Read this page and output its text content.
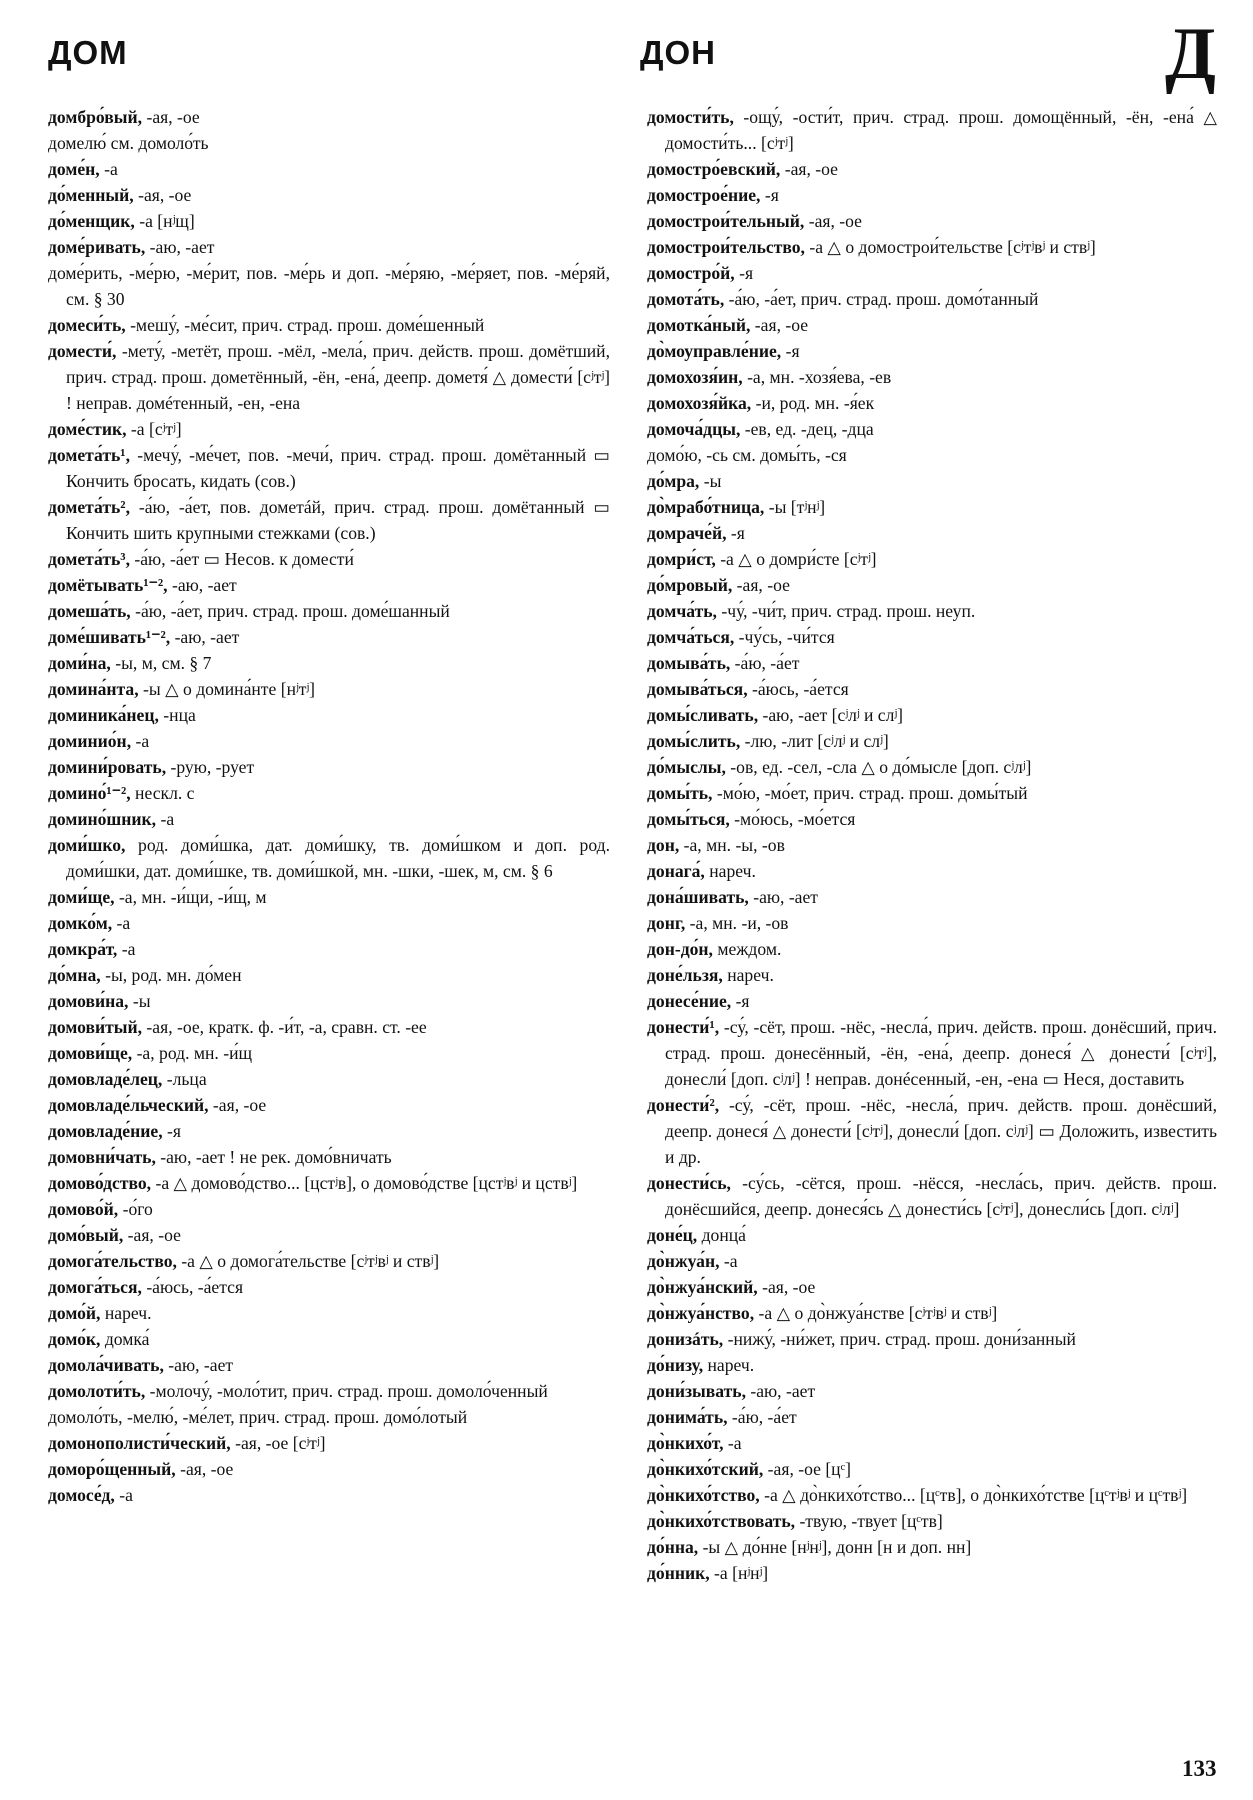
ДОМ	ДОН	Д

домбро́вый, -ая, -ое

домелю́ см. домоло́ть

доме́н, -а

до́менный, -ая, -ое

до́менщик, -а [нʲщ]

доме́ривать, -аю, -ает

доме́рить, -ме́рю, -ме́рит, пов. -ме́рь и доп. -ме́ряю, -ме́ряет, пов. -ме́ряй, см. § 30

домеси́ть, -мешу́, -ме́сит, прич. страд. прош. доме́шенный

домести́, -мету́, -метёт, прош. -мёл, -мела́, прич. действ. прош. домётший, прич. страд. прош. дометённый, -ён, -ена́, деепр. дометя́ △ домести́ [сʲтʲ] ! неправ. домéтенный, -ен, -ена

доме́стик, -а [сʲтʲ]

домета́ть¹, -мечу́, -ме́чет, пов. -мечи́, прич. страд. прош. домётанный ▭ Кончить бросать, кидать (сов.)

домета́ть², -а́ю, -а́ет, пов. дометáй, прич. страд. прош. домётанный ▭ Кончить шить крупными стежками (сов.)

домета́ть³, -а́ю, -а́ет ▭ Несов. к домести́

домётывать¹⁻², -аю, -ает

домеша́ть, -а́ю, -а́ет, прич. страд. прош. доме́шанный

доме́шивать¹⁻², -аю, -ает

доми́на, -ы, м, см. § 7

домина́нта, -ы △ о домина́нте [нʲтʲ]

доминика́нец, -нца

доминио́н, -а

домини́ровать, -рую, -рует

домино́¹⁻², нескл. с

домино́шник, -а

доми́шко, род. доми́шка, дат. доми́шку, тв. доми́шком и доп. род. доми́шки, дат. доми́шке, тв. доми́шкой, мн. -шки, -шек, м, см. § 6

доми́ще, -а, мн. -и́щи, -и́щ, м

домко́м, -а

домкра́т, -а

до́мна, -ы, род. мн. до́мен

домови́на, -ы

домови́тый, -ая, -ое, кратк. ф. -и́т, -а, сравн. ст. -ее

домови́ще, -а, род. мн. -и́щ

домовладе́лец, -льца

домовладе́льческий, -ая, -ое

домовладе́ние, -я

домовни́чать, -аю, -ает ! не рек. домо́вничать

домово́дство, -а △ домово́дство... [цстʲв], о домово́дстве [цстʲвʲ и цствʲ]

домово́й, -о́го

домо́вый, -ая, -ое

домога́тельство, -а △ о домога́тельстве [сʲтʲвʲ и ствʲ]

домога́ться, -а́юсь, -а́ется

домо́й, нареч.

домо́к, домка́

домола́чивать, -аю, -ает

домолоти́ть, -молочу́, -моло́тит, прич. страд. прош. домоло́ченный

домоло́ть, -мелю́, -ме́лет, прич. страд. прош. домо́лотый

домонополисти́ческий, -ая, -ое [сʲтʲ]

доморо́щенный, -ая, -ое

домосе́д, -а

домости́ть, -ощу́, -ости́т, прич. страд. прош. домощённый, -ён, -ена́ △ домости́ть... [сʲтʲ]

домостро́евский, -ая, -ое

домострое́ние, -я

домострои́тельный, -ая, -ое

домострои́тельство, -а △ о домострои́тельстве [сʲтʲвʲ и ствʲ]

домостро́й, -я

домота́ть, -а́ю, -а́ет, прич. страд. прош. домо́танный

домотка́ный, -ая, -ое

до̀моуправле́ние, -я

домохозя́ин, -а, мн. -хозя́ева, -ев

домохозя́йка, -и, род. мн. -я́ек

домоча́дцы, -ев, ед. -дец, -дца

домо́ю, -сь см. домы́ть, -ся

до́мра, -ы

до̀мрабо́тница, -ы [тʲнʲ]

домраче́й, -я

домри́ст, -а △ о домри́сте [сʲтʲ]

до́мровый, -ая, -ое

домча́ть, -чу́, -чи́т, прич. страд. прош. неуп.

домча́ться, -чу́сь, -чи́тся

домыва́ть, -а́ю, -а́ет

домыва́ться, -а́юсь, -а́ется

домы́сливать, -аю, -ает [сʲлʲ и слʲ]

домы́слить, -лю, -лит [сʲлʲ и слʲ]

до́мыслы, -ов, ед. -сел, -сла △ о до́мысле [доп. сʲлʲ]

домы́ть, -мо́ю, -мо́ет, прич. страд. прош. домы́тый

домы́ться, -мо́юсь, -мо́ется

дон, -а, мн. -ы, -ов

донага́, нареч.

дона́шивать, -аю, -ает

донг, -а, мн. -и, -ов

дон-до́н, междом.

доне́льзя, нареч.

донесе́ние, -я

донести́¹, -су́, -сёт, прош. -нёс, -несла́, прич. действ. прош. донёсший, прич. страд. прош. донесённый, -ён, -ена́, деепр. донеся́ △ донести́ [сʲтʲ], донесли́ [доп. сʲлʲ] ! неправ. донéсенный, -ен, -ена ▭ Неся, доставить

донести́², -су́, -сёт, прош. -нёс, -несла́, прич. действ. прош. донёсший, деепр. донеся́ △ донести́ [сʲтʲ], донесли́ [доп. сʲлʲ] ▭ Доложить, известить и др.

донести́сь, -су́сь, -сётся, прош. -нёсся, -несла́сь, прич. действ. прош. донёсшийся, деепр. донеся́сь △ донести́сь [сʲтʲ], донесли́сь [доп. сʲлʲ]

доне́ц, донца́

до̀нжуа́н, -а

до̀нжуа́нский, -ая, -ое

до̀нжуа́нство, -а △ о до̀нжуа́нстве [сʲтʲвʲ и ствʲ]

донизáть, -нижу́, -ни́жет, прич. страд. прош. дони́занный

до́низу, нареч.

дони́зывать, -аю, -ает

донима́ть, -а́ю, -а́ет

до̀нкихо́т, -а

до̀нкихо́тский, -ая, -ое [цᶜ]

до̀нкихо́тство, -а △ до̀нкихо́тство... [цᶜтв], о до̀нкихо́тстве [цᶜтʲвʲ и цᶜтвʲ]

до̀нкихо́тствовать, -твую, -твует [цᶜтв]

до́нна, -ы △ до́нне [нʲнʲ], донн [н и доп. нн]

до́нник, -а [нʲнʲ]

133
